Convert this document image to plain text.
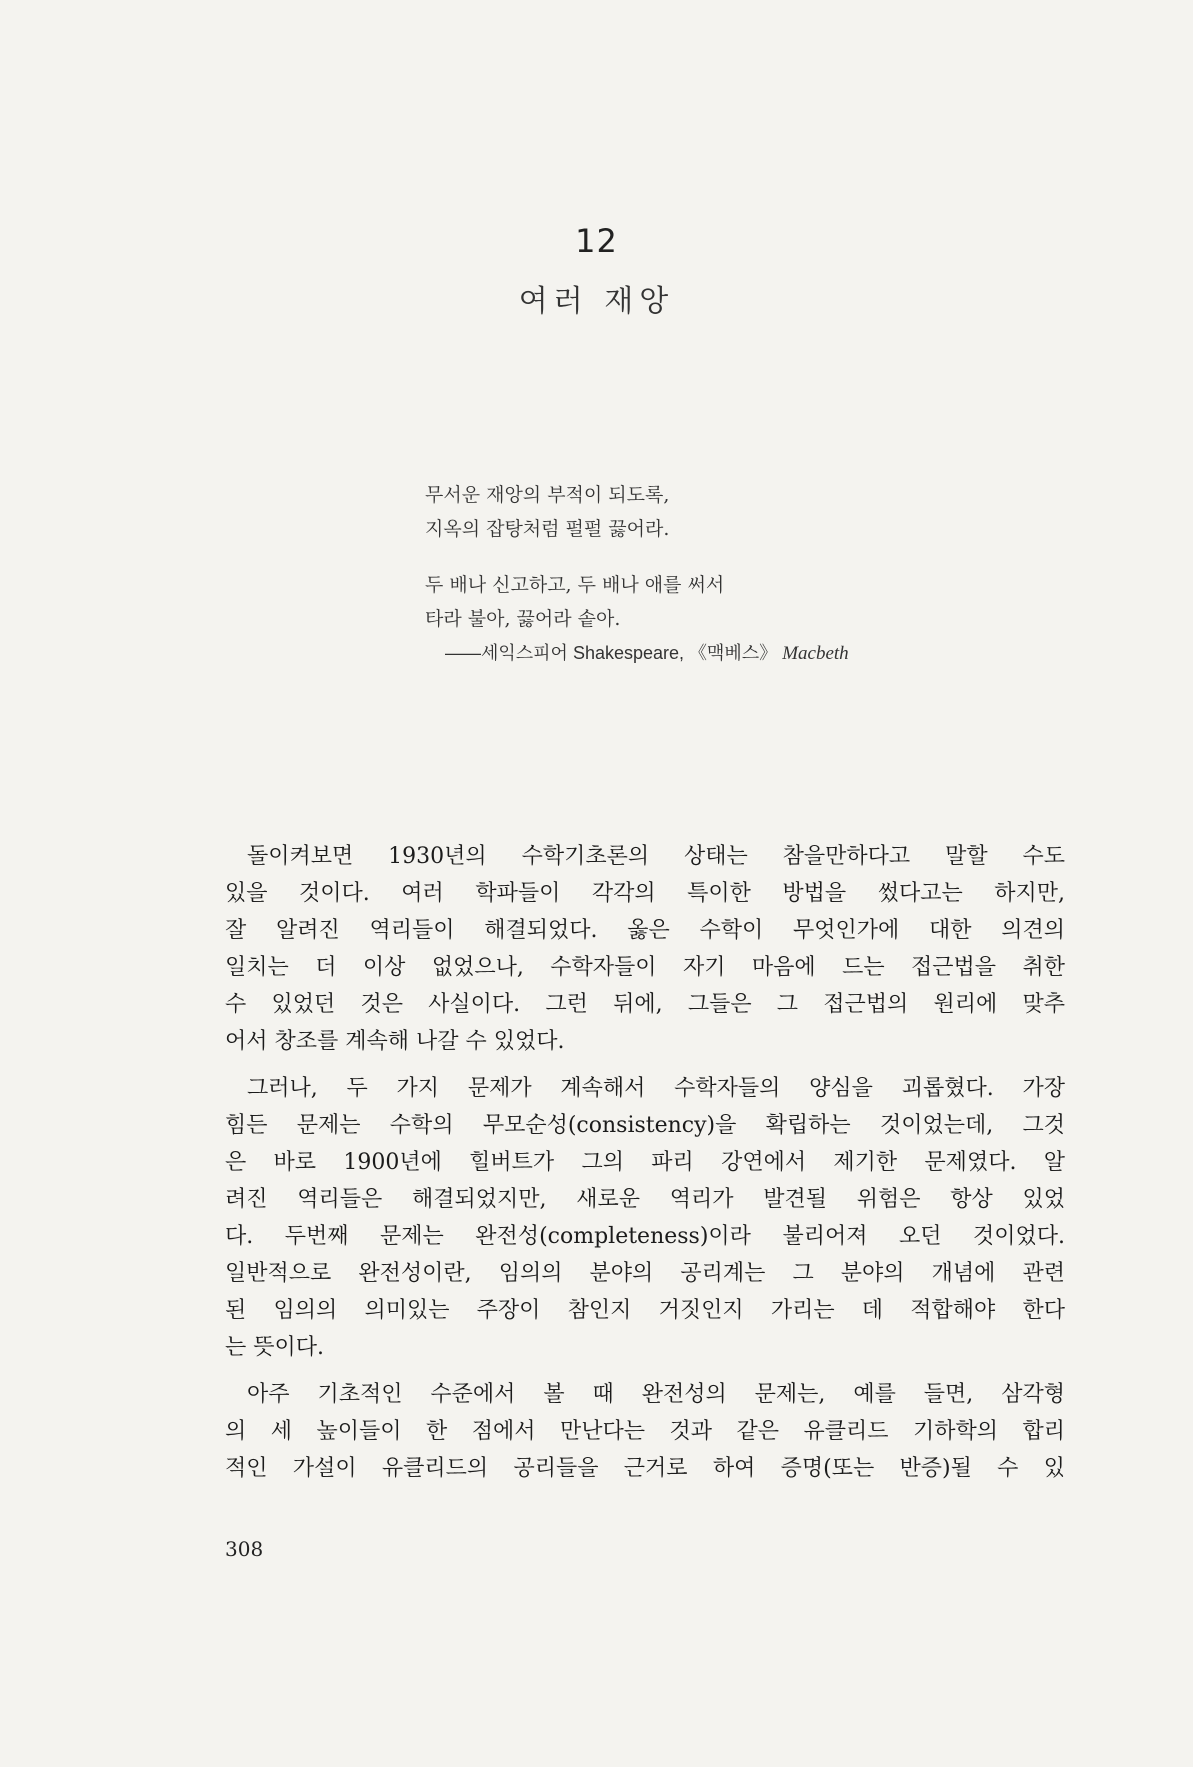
12
여러 재앙
무서운 재앙의 부적이 되도록,
지옥의 잡탕처럼 펄펄 끓어라.
두 배나 신고하고, 두 배나 애를 써서
타라 불아, 끓어라 솥아.
——세익스피어 Shakespeare, 《맥베스》 Macbeth
돌이켜보면 1930년의 수학기초론의 상태는 참을만하다고 말할 수도
있을 것이다. 여러 학파들이 각각의 특이한 방법을 썼다고는 하지만,
잘 알려진 역리들이 해결되었다. 옳은 수학이 무엇인가에 대한 의견의
일치는 더 이상 없었으나, 수학자들이 자기 마음에 드는 접근법을 취한
수 있었던 것은 사실이다. 그런 뒤에, 그들은 그 접근법의 원리에 맞추
어서 창조를 계속해 나갈 수 있었다.
그러나, 두 가지 문제가 계속해서 수학자들의 양심을 괴롭혔다. 가장
힘든 문제는 수학의 무모순성(consistency)을 확립하는 것이었는데, 그것
은 바로 1900년에 힐버트가 그의 파리 강연에서 제기한 문제였다. 알
려진 역리들은 해결되었지만, 새로운 역리가 발견될 위험은 항상 있었
다. 두번째 문제는 완전성(completeness)이라 불리어져 오던 것이었다.
일반적으로 완전성이란, 임의의 분야의 공리계는 그 분야의 개념에 관련
된 임의의 의미있는 주장이 참인지 거짓인지 가리는 데 적합해야 한다
는 뜻이다.
아주 기초적인 수준에서 볼 때 완전성의 문제는, 예를 들면, 삼각형
의 세 높이들이 한 점에서 만난다는 것과 같은 유클리드 기하학의 합리
적인 가설이 유클리드의 공리들을 근거로 하여 증명(또는 반증)될 수 있
308
